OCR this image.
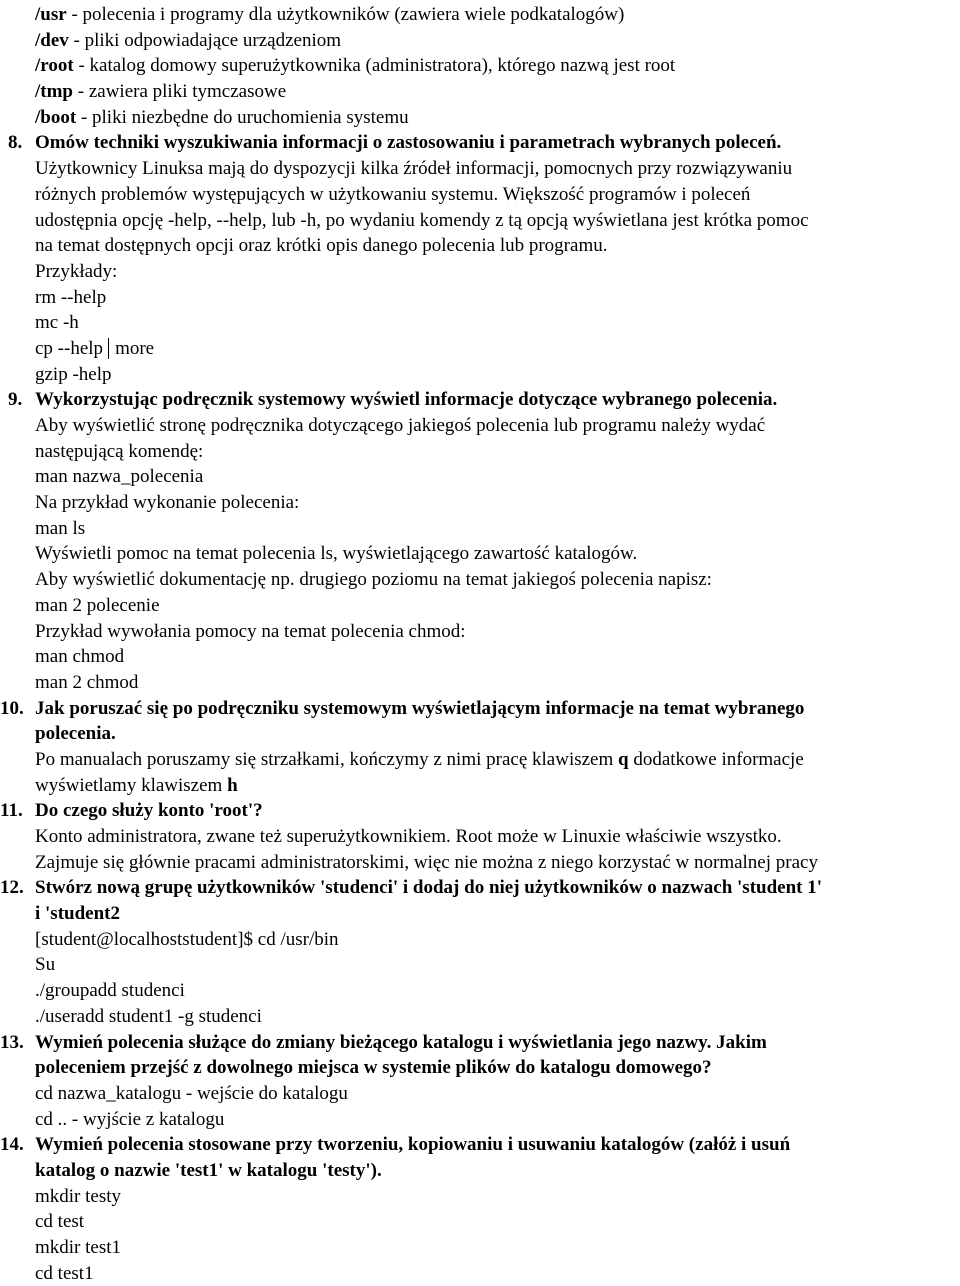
/usr - polecenia i programy dla użytkowników (zawiera wiele podkatalogów)
/dev - pliki odpowiadające urządzeniom
/root - katalog domowy superużytkownika (administratora), którego nazwą jest root
/tmp - zawiera pliki tymczasowe
/boot - pliki niezbędne do uruchomienia systemu
8. Omów techniki wyszukiwania informacji o zastosowaniu i parametrach wybranych poleceń.
Użytkownicy Linuksa mają do dyspozycji kilka źródeł informacji, pomocnych przy rozwiązywaniu
różnych problemów występujących w użytkowaniu systemu. Większość programów i poleceń
udostępnia opcję -help, --help, lub -h, po wydaniu komendy z tą opcją wyświetlana jest krótka pomoc
na temat dostępnych opcji oraz krótki opis danego polecenia lub programu.
Przykłady:
rm --help
mc -h
cp --help more
gzip -help
9. Wykorzystując podręcznik systemowy wyświetl informacje dotyczące wybranego polecenia.
Aby wyświetlić stronę podręcznika dotyczącego jakiegoś polecenia lub programu należy wydać
następującą komendę:
man nazwa_polecenia
Na przykład wykonanie polecenia:
man ls
Wyświetli pomoc na temat polecenia ls, wyświetlającego zawartość katalogów.
Aby wyświetlić dokumentację np. drugiego poziomu na temat jakiegoś polecenia napisz:
man 2 polecenie
Przykład wywołania pomocy na temat polecenia chmod:
man chmod
man 2 chmod
10. Jak poruszać się po podręczniku systemowym wyświetlającym informacje na temat wybranego
polecenia.
Po manualach poruszamy się strzałkami, kończymy z nimi pracę klawiszem q dodatkowe informacje
wyświetlamy klawiszem h
11. Do czego służy konto 'root'?
Konto administratora, zwane też superużytkownikiem. Root może w Linuxie właściwie wszystko.
Zajmuje się głównie pracami administratorskimi, więc nie można z niego korzystać w normalnej pracy
12. Stwórz nową grupę użytkowników 'studenci' i dodaj do niej użytkowników o nazwach 'student 1'
i 'student2
[student@localhoststudent]$ cd /usr/bin
Su
./groupadd studenci
./useradd student1 -g studenci
13. Wymień polecenia służące do zmiany bieżącego katalogu i wyświetlania jego nazwy. Jakim
poleceniem przejść z dowolnego miejsca w systemie plików do katalogu domowego?
cd nazwa_katalogu - wejście do katalogu
cd .. - wyjście z katalogu
14. Wymień polecenia stosowane przy tworzeniu, kopiowaniu i usuwaniu katalogów (załóż i usuń
katalog o nazwie 'test1' w katalogu 'testy').
mkdir testy
cd test
mkdir test1
cd test1
